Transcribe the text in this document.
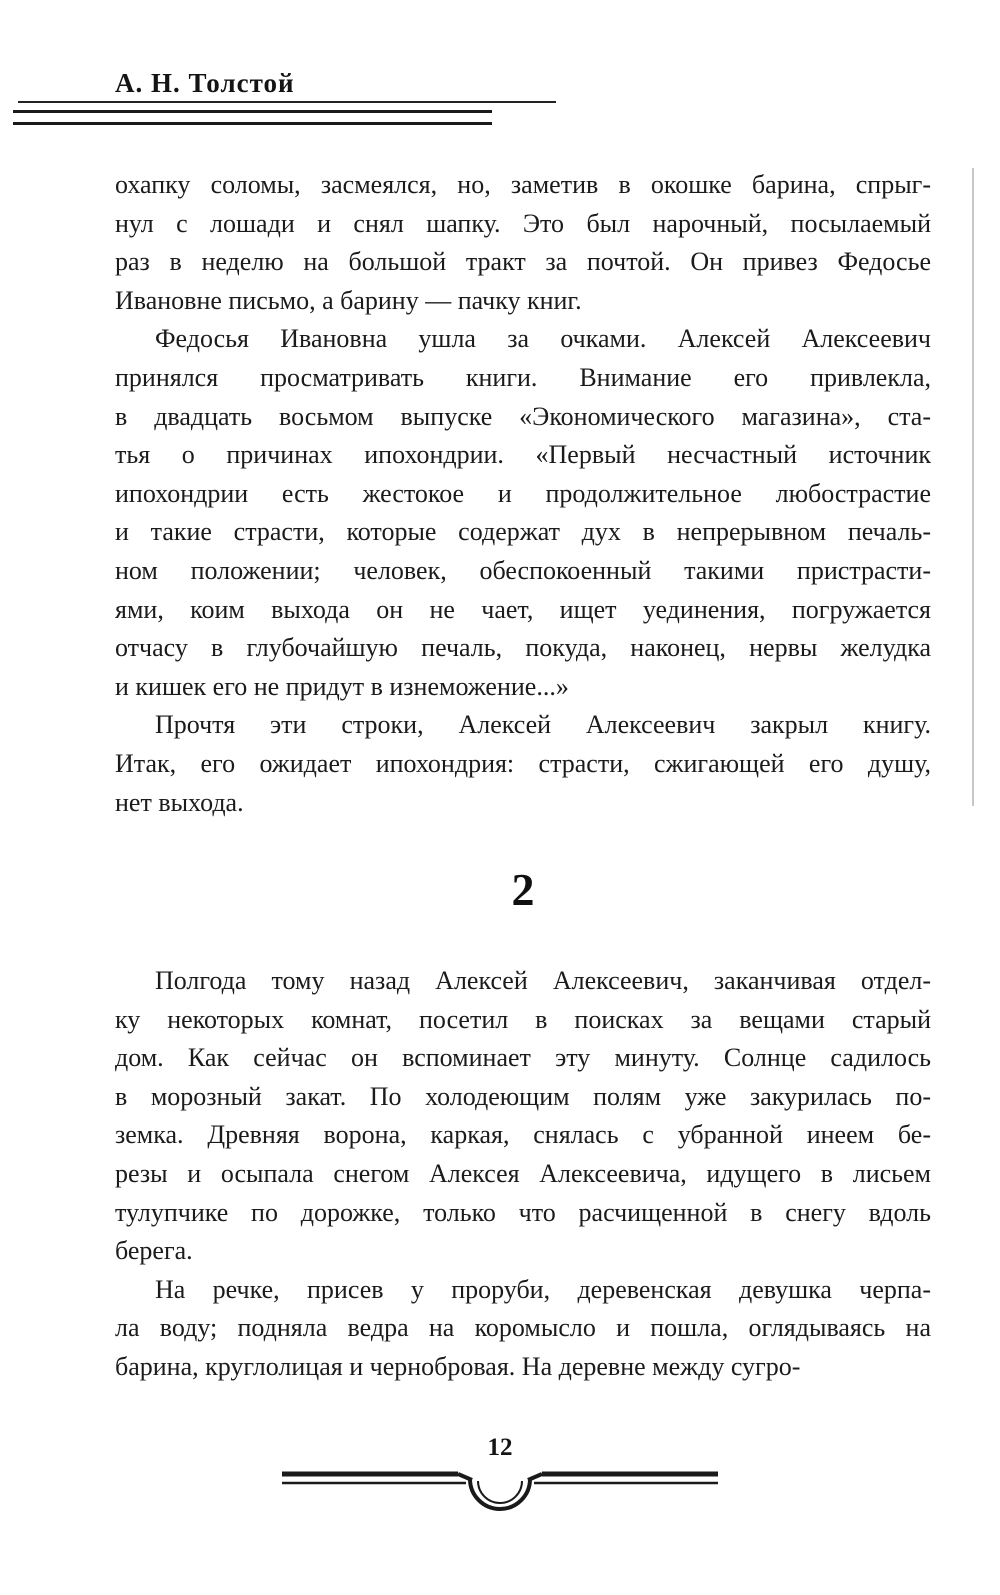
А. Н. Толстой
охапку соломы, засмеялся, но, заметив в окошке барина, спрыг-
нул с лошади и снял шапку. Это был нарочный, посылаемый
раз в неделю на большой тракт за почтой. Он привез Федосье
Ивановне письмо, а барину — пачку книг.
Федосья Ивановна ушла за очками. Алексей Алексеевич
принялся просматривать книги. Внимание его привлекла,
в двадцать восьмом выпуске «Экономического магазина», ста-
тья о причинах ипохондрии. «Первый несчастный источник
ипохондрии есть жестокое и продолжительное любострастие
и такие страсти, которые содержат дух в непрерывном печаль-
ном положении; человек, обеспокоенный такими пристрасти-
ями, коим выхода он не чает, ищет уединения, погружается
отчасу в глубочайшую печаль, покуда, наконец, нервы желудка
и кишек его не придут в изнеможение...»
Прочтя эти строки, Алексей Алексеевич закрыл книгу.
Итак, его ожидает ипохондрия: страсти, сжигающей его душу,
нет выхода.
2
Полгода тому назад Алексей Алексеевич, заканчивая отдел-
ку некоторых комнат, посетил в поисках за вещами старый
дом. Как сейчас он вспоминает эту минуту. Солнце садилось
в морозный закат. По холодеющим полям уже закурилась по-
земка. Древняя ворона, каркая, снялась с убранной инеем бе-
резы и осыпала снегом Алексея Алексеевича, идущего в лисьем
тулупчике по дорожке, только что расчищенной в снегу вдоль
берега.
На речке, присев у проруби, деревенская девушка черпа-
ла воду; подняла ведра на коромысло и пошла, оглядываясь на
барина, круглолицая и чернобровая. На деревне между сугро-
12
